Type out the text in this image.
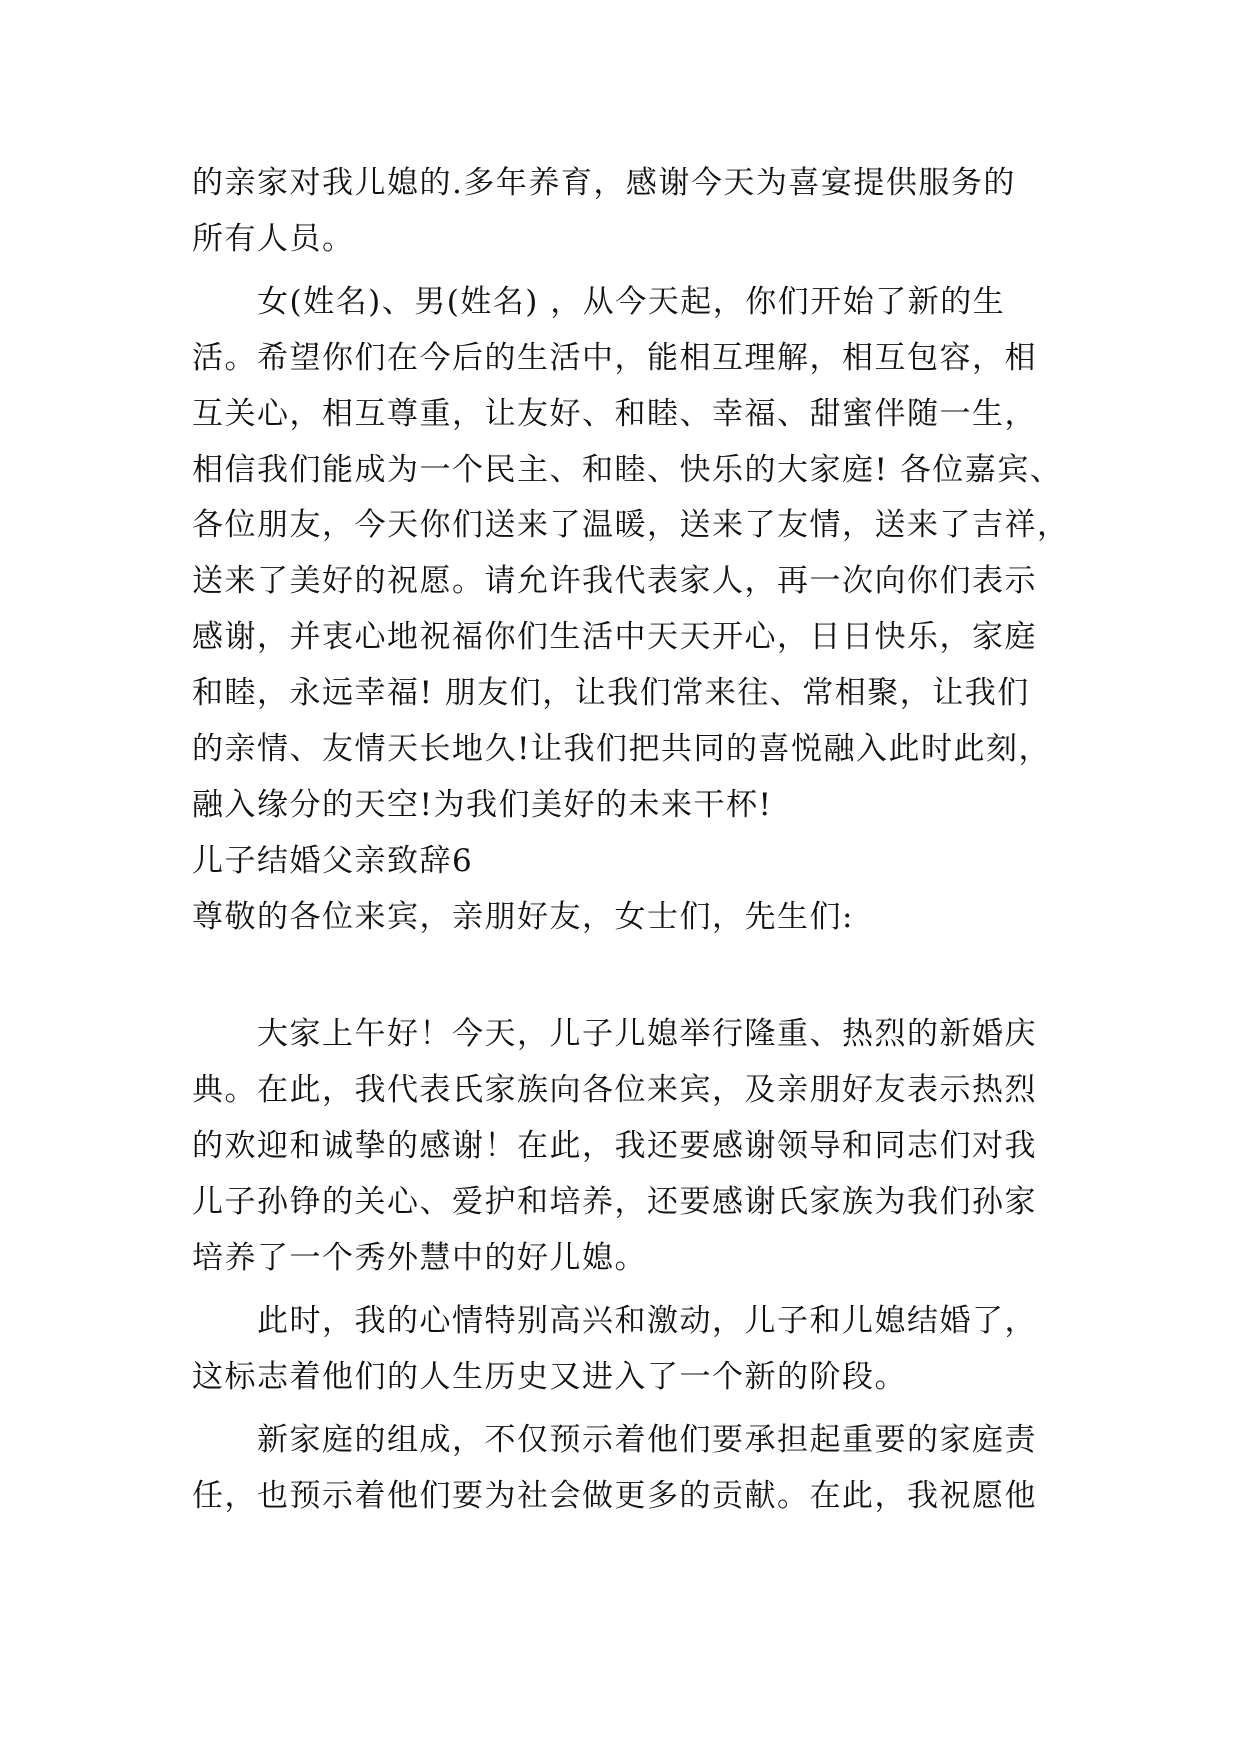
的亲家对我儿媳的.多年养育，感谢今天为喜宴提供服务的
所有人员。
女(姓名)、男(姓名) ，从今天起，你们开始了新的生
活。希望你们在今后的生活中，能相互理解，相互包容，相
互关心，相互尊重，让友好、和睦、幸福、甜蜜伴随一生，
相信我们能成为一个民主、和睦、快乐的大家庭! 各位嘉宾、
各位朋友，今天你们送来了温暖，送来了友情，送来了吉祥，
送来了美好的祝愿。请允许我代表家人，再一次向你们表示
感谢，并衷心地祝福你们生活中天天开心，日日快乐，家庭
和睦，永远幸福! 朋友们，让我们常来往、常相聚，让我们
的亲情、友情天长地久!让我们把共同的喜悦融入此时此刻，
融入缘分的天空!为我们美好的未来干杯!
儿子结婚父亲致辞6
尊敬的各位来宾，亲朋好友，女士们，先生们:
大家上午好！今天，儿子儿媳举行隆重、热烈的新婚庆
典。在此，我代表氏家族向各位来宾，及亲朋好友表示热烈
的欢迎和诚挚的感谢！在此，我还要感谢领导和同志们对我
儿子孙铮的关心、爱护和培养，还要感谢氏家族为我们孙家
培养了一个秀外慧中的好儿媳。
此时，我的心情特别高兴和激动，儿子和儿媳结婚了，
这标志着他们的人生历史又进入了一个新的阶段。
新家庭的组成，不仅预示着他们要承担起重要的家庭责
任，也预示着他们要为社会做更多的贡献。在此，我祝愿他
